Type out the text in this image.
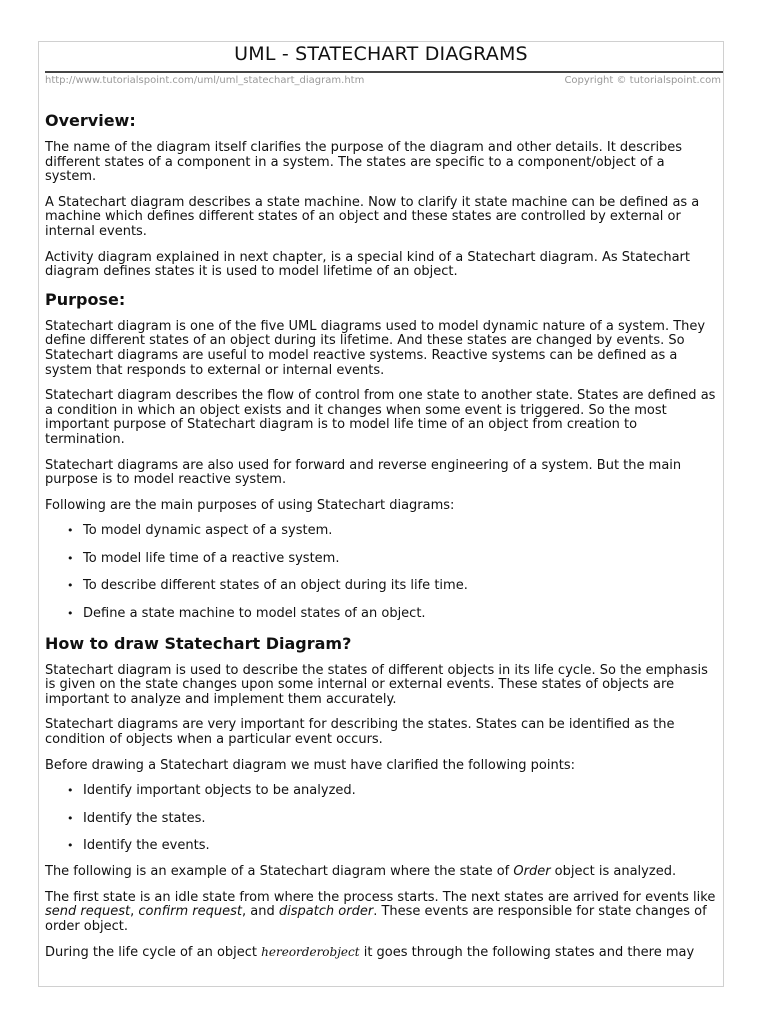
UML - STATECHART DIAGRAMS
http://www.tutorialspoint.com/uml/uml_statechart_diagram.htm	Copyright © tutorialspoint.com
Overview:

The name of the diagram itself clarifies the purpose of the diagram and other details. It describes different states of a component in a system. The states are specific to a component/object of a system.

A Statechart diagram describes a state machine. Now to clarify it state machine can be defined as a machine which defines different states of an object and these states are controlled by external or internal events.

Activity diagram explained in next chapter, is a special kind of a Statechart diagram. As Statechart diagram defines states it is used to model lifetime of an object.

Purpose:

Statechart diagram is one of the five UML diagrams used to model dynamic nature of a system. They define different states of an object during its lifetime. And these states are changed by events. So Statechart diagrams are useful to model reactive systems. Reactive systems can be defined as a system that responds to external or internal events.

Statechart diagram describes the flow of control from one state to another state. States are defined as a condition in which an object exists and it changes when some event is triggered. So the most important purpose of Statechart diagram is to model life time of an object from creation to termination.

Statechart diagrams are also used for forward and reverse engineering of a system. But the main purpose is to model reactive system.

Following are the main purposes of using Statechart diagrams:

• To model dynamic aspect of a system.
• To model life time of a reactive system.
• To describe different states of an object during its life time.
• Define a state machine to model states of an object.
How to draw Statechart Diagram?

Statechart diagram is used to describe the states of different objects in its life cycle. So the emphasis is given on the state changes upon some internal or external events. These states of objects are important to analyze and implement them accurately.

Statechart diagrams are very important for describing the states. States can be identified as the condition of objects when a particular event occurs.

Before drawing a Statechart diagram we must have clarified the following points:

• Identify important objects to be analyzed.
• Identify the states.
• Identify the events.

The following is an example of a Statechart diagram where the state of Order object is analyzed.

The first state is an idle state from where the process starts. The next states are arrived for events like send request, confirm request, and dispatch order. These events are responsible for state changes of order object.

During the life cycle of an object hereorderobject it goes through the following states and there may
